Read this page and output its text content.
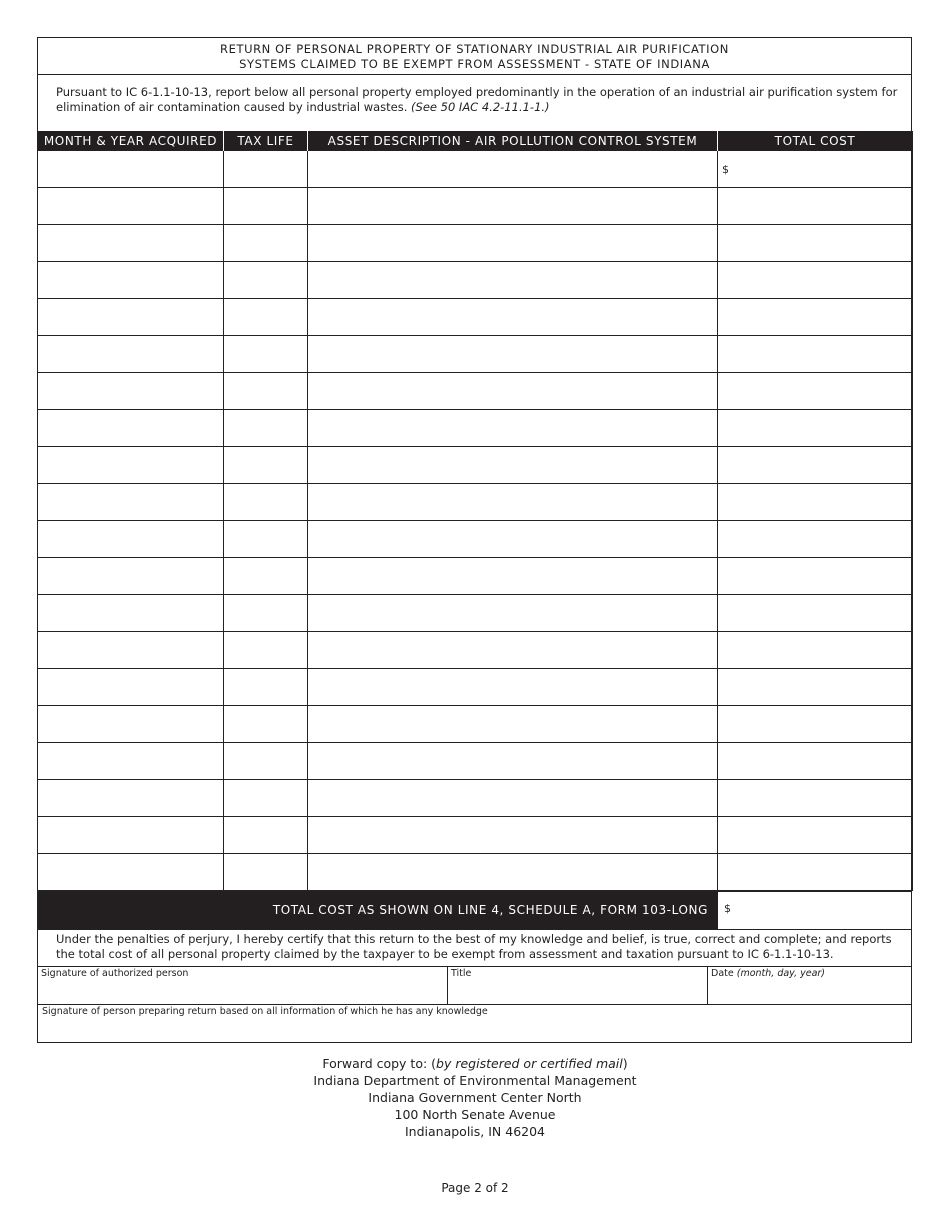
RETURN OF PERSONAL PROPERTY OF STATIONARY INDUSTRIAL AIR PURIFICATION
SYSTEMS CLAIMED TO BE EXEMPT FROM ASSESSMENT - STATE OF INDIANA
Pursuant to IC 6-1.1-10-13, report below all personal property employed predominantly in the operation of an industrial air purification system for elimination of air contamination caused by industrial wastes. (See 50 IAC 4.2-11.1-1.)
MONTH & YEAR ACQUIRED	TAX LIFE	ASSET DESCRIPTION - AIR POLLUTION CONTROL SYSTEM	TOTAL COST
			$

TOTAL COST AS SHOWN ON LINE 4, SCHEDULE A, FORM 103-LONG	$
Under the penalties of perjury, I hereby certify that this return to the best of my knowledge and belief, is true, correct and complete; and reports the total cost of all personal property claimed by the taxpayer to be exempt from assessment and taxation pursuant to IC 6-1.1-10-13.
Signature of authorized person	Title	Date (month, day, year)
Signature of person preparing return based on all information of which he has any knowledge
Forward copy to: (by registered or certified mail)
Indiana Department of Environmental Management
Indiana Government Center North
100 North Senate Avenue
Indianapolis, IN 46204
Page 2 of 2
